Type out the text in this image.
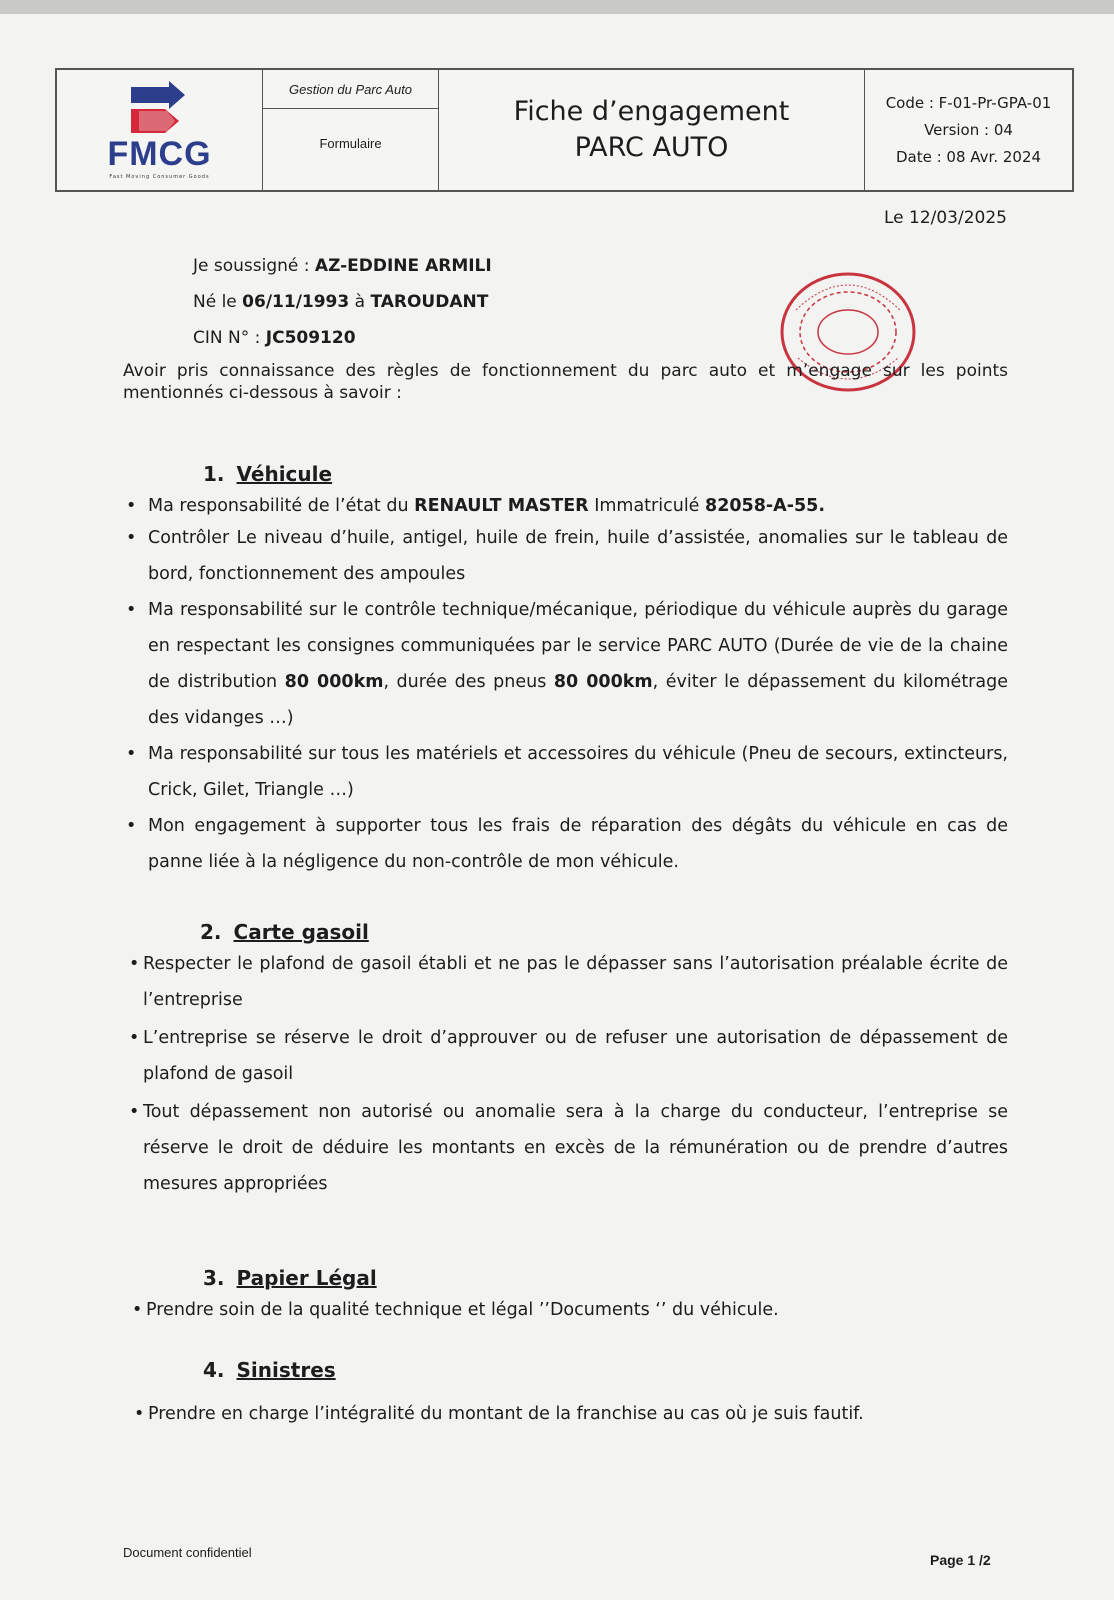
FMCG
Fast Moving Consumer Goods
Gestion du Parc Auto
Formulaire
Fiche d’engagement
PARC AUTO
Code : F-01-Pr-GPA-01
Version : 04
Date : 08 Avr. 2024
Le 12/03/2025
Je soussigné : AZ-EDDINE ARMILI
Né le 06/11/1993 à TAROUDANT
CIN N° : JC509120
Avoir pris connaissance des règles de fonctionnement du parc auto et m’engage sur les points mentionnés ci-dessous à savoir :
1. Véhicule
• Ma responsabilité de l’état du RENAULT MASTER Immatriculé 82058-A-55.
• Contrôler Le niveau d’huile, antigel, huile de frein, huile d’assistée, anomalies sur le tableau de bord, fonctionnement des ampoules
• Ma responsabilité sur le contrôle technique/mécanique, périodique du véhicule auprès du garage en respectant les consignes communiquées par le service PARC AUTO (Durée de vie de la chaine de distribution 80 000km, durée des pneus 80 000km, éviter le dépassement du kilométrage des vidanges …)
• Ma responsabilité sur tous les matériels et accessoires du véhicule (Pneu de secours, extincteurs, Crick, Gilet, Triangle …)
• Mon engagement à supporter tous les frais de réparation des dégâts du véhicule en cas de panne liée à la négligence du non-contrôle de mon véhicule.
2. Carte gasoil
• Respecter le plafond de gasoil établi et ne pas le dépasser sans l’autorisation préalable écrite de l’entreprise
• L’entreprise se réserve le droit d’approuver ou de refuser une autorisation de dépassement de plafond de gasoil
• Tout dépassement non autorisé ou anomalie sera à la charge du conducteur, l’entreprise se réserve le droit de déduire les montants en excès de la rémunération ou de prendre d’autres mesures appropriées
3. Papier Légal
• Prendre soin de la qualité technique et légal ’’Documents ‘’ du véhicule.
4. Sinistres
• Prendre en charge l’intégralité du montant de la franchise au cas où je suis fautif.
Document confidentiel	Page 1 /2
